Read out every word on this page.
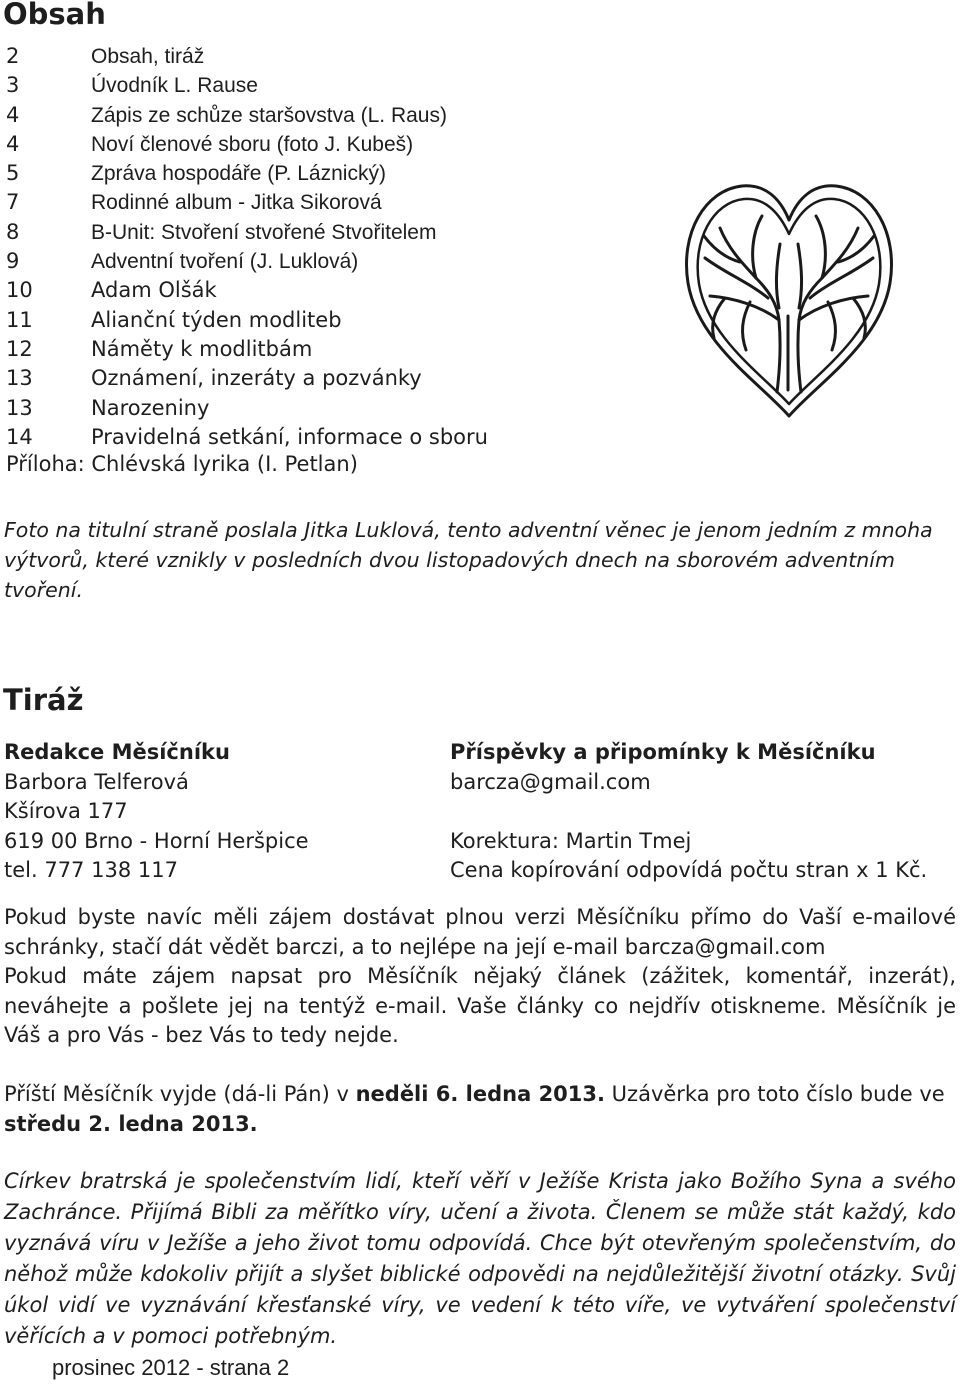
Obsah
2	Obsah, tiráž
3	Úvodník L. Rause
4	Zápis ze schůze staršovstva (L. Raus)
4	Noví členové sboru (foto J. Kubeš)
5	Zpráva hospodáře (P. Láznický)
7	Rodinné album - Jitka Sikorová
8	B-Unit: Stvoření stvořené Stvořitelem
9	Adventní tvoření (J. Luklová)
10	Adam Olšák
11	Aliančnί týden modliteb
12	Náměty k modlitbám
13	Oznámení, inzeráty a pozvánky
13	Narozeniny
14	Pravidelná setkání, informace o sboru
Příloha: Chlévská lyrika (I. Petlan)

Foto na titulní straně poslala Jitka Luklová, tento adventní věnec je jenom jedním z mnoha výtvorů, které vznikly v posledních dvou listopadových dnech na sborovém adventním tvoření.

Tiráž
Redakce Měsíčníku
Barbora Telferová
Kšírova 177
619 00 Brno - Horní Heršpice
tel. 777 138 117
Příspěvky a připomínky k Měsíčníku
barcza@gmail.com
Korektura: Martin Tmej
Cena kopírování odpovídá počtu stran x 1 Kč.

Pokud byste navíc měli zájem dostávat plnou verzi Měsíčníku přímo do Vaší e-mailové schránky, stačí dát vědět barczi, a to nejlépe na její e-mail barcza@gmail.com

Pokud máte zájem napsat pro Měsíčník nějaký článek (zážitek, komentář, inzerát), neváhejte a pošlete jej na tentýž e-mail. Vaše články co nejdřív otiskneme. Měsíčník je Váš a pro Vás - bez Vás to tedy nejde.

Příští Měsíčník vyjde (dá-li Pán) v neděli 6. ledna 2013. Uzávěrka pro toto číslo bude ve středu 2. ledna 2013.

Církev bratrská je společenstvím lidí, kteří věří v Ježíše Krista jako Božího Syna a svého Zachránce. Přijímá Bibli za měřítko víry, učení a života. Členem se může stát každý, kdo vyznává víru v Ježíše a jeho život tomu odpovídá. Chce být otevřeným společenstvím, do něhož může kdokoliv přijít a slyšet biblické odpovědi na nejdůležitější životní otázky. Svůj úkol vidí ve vyznávání křesťanské víry, ve vedení k této víře, ve vytváření společenství věřících a v pomoci potřebným.

prosinec 2012 - strana 2
